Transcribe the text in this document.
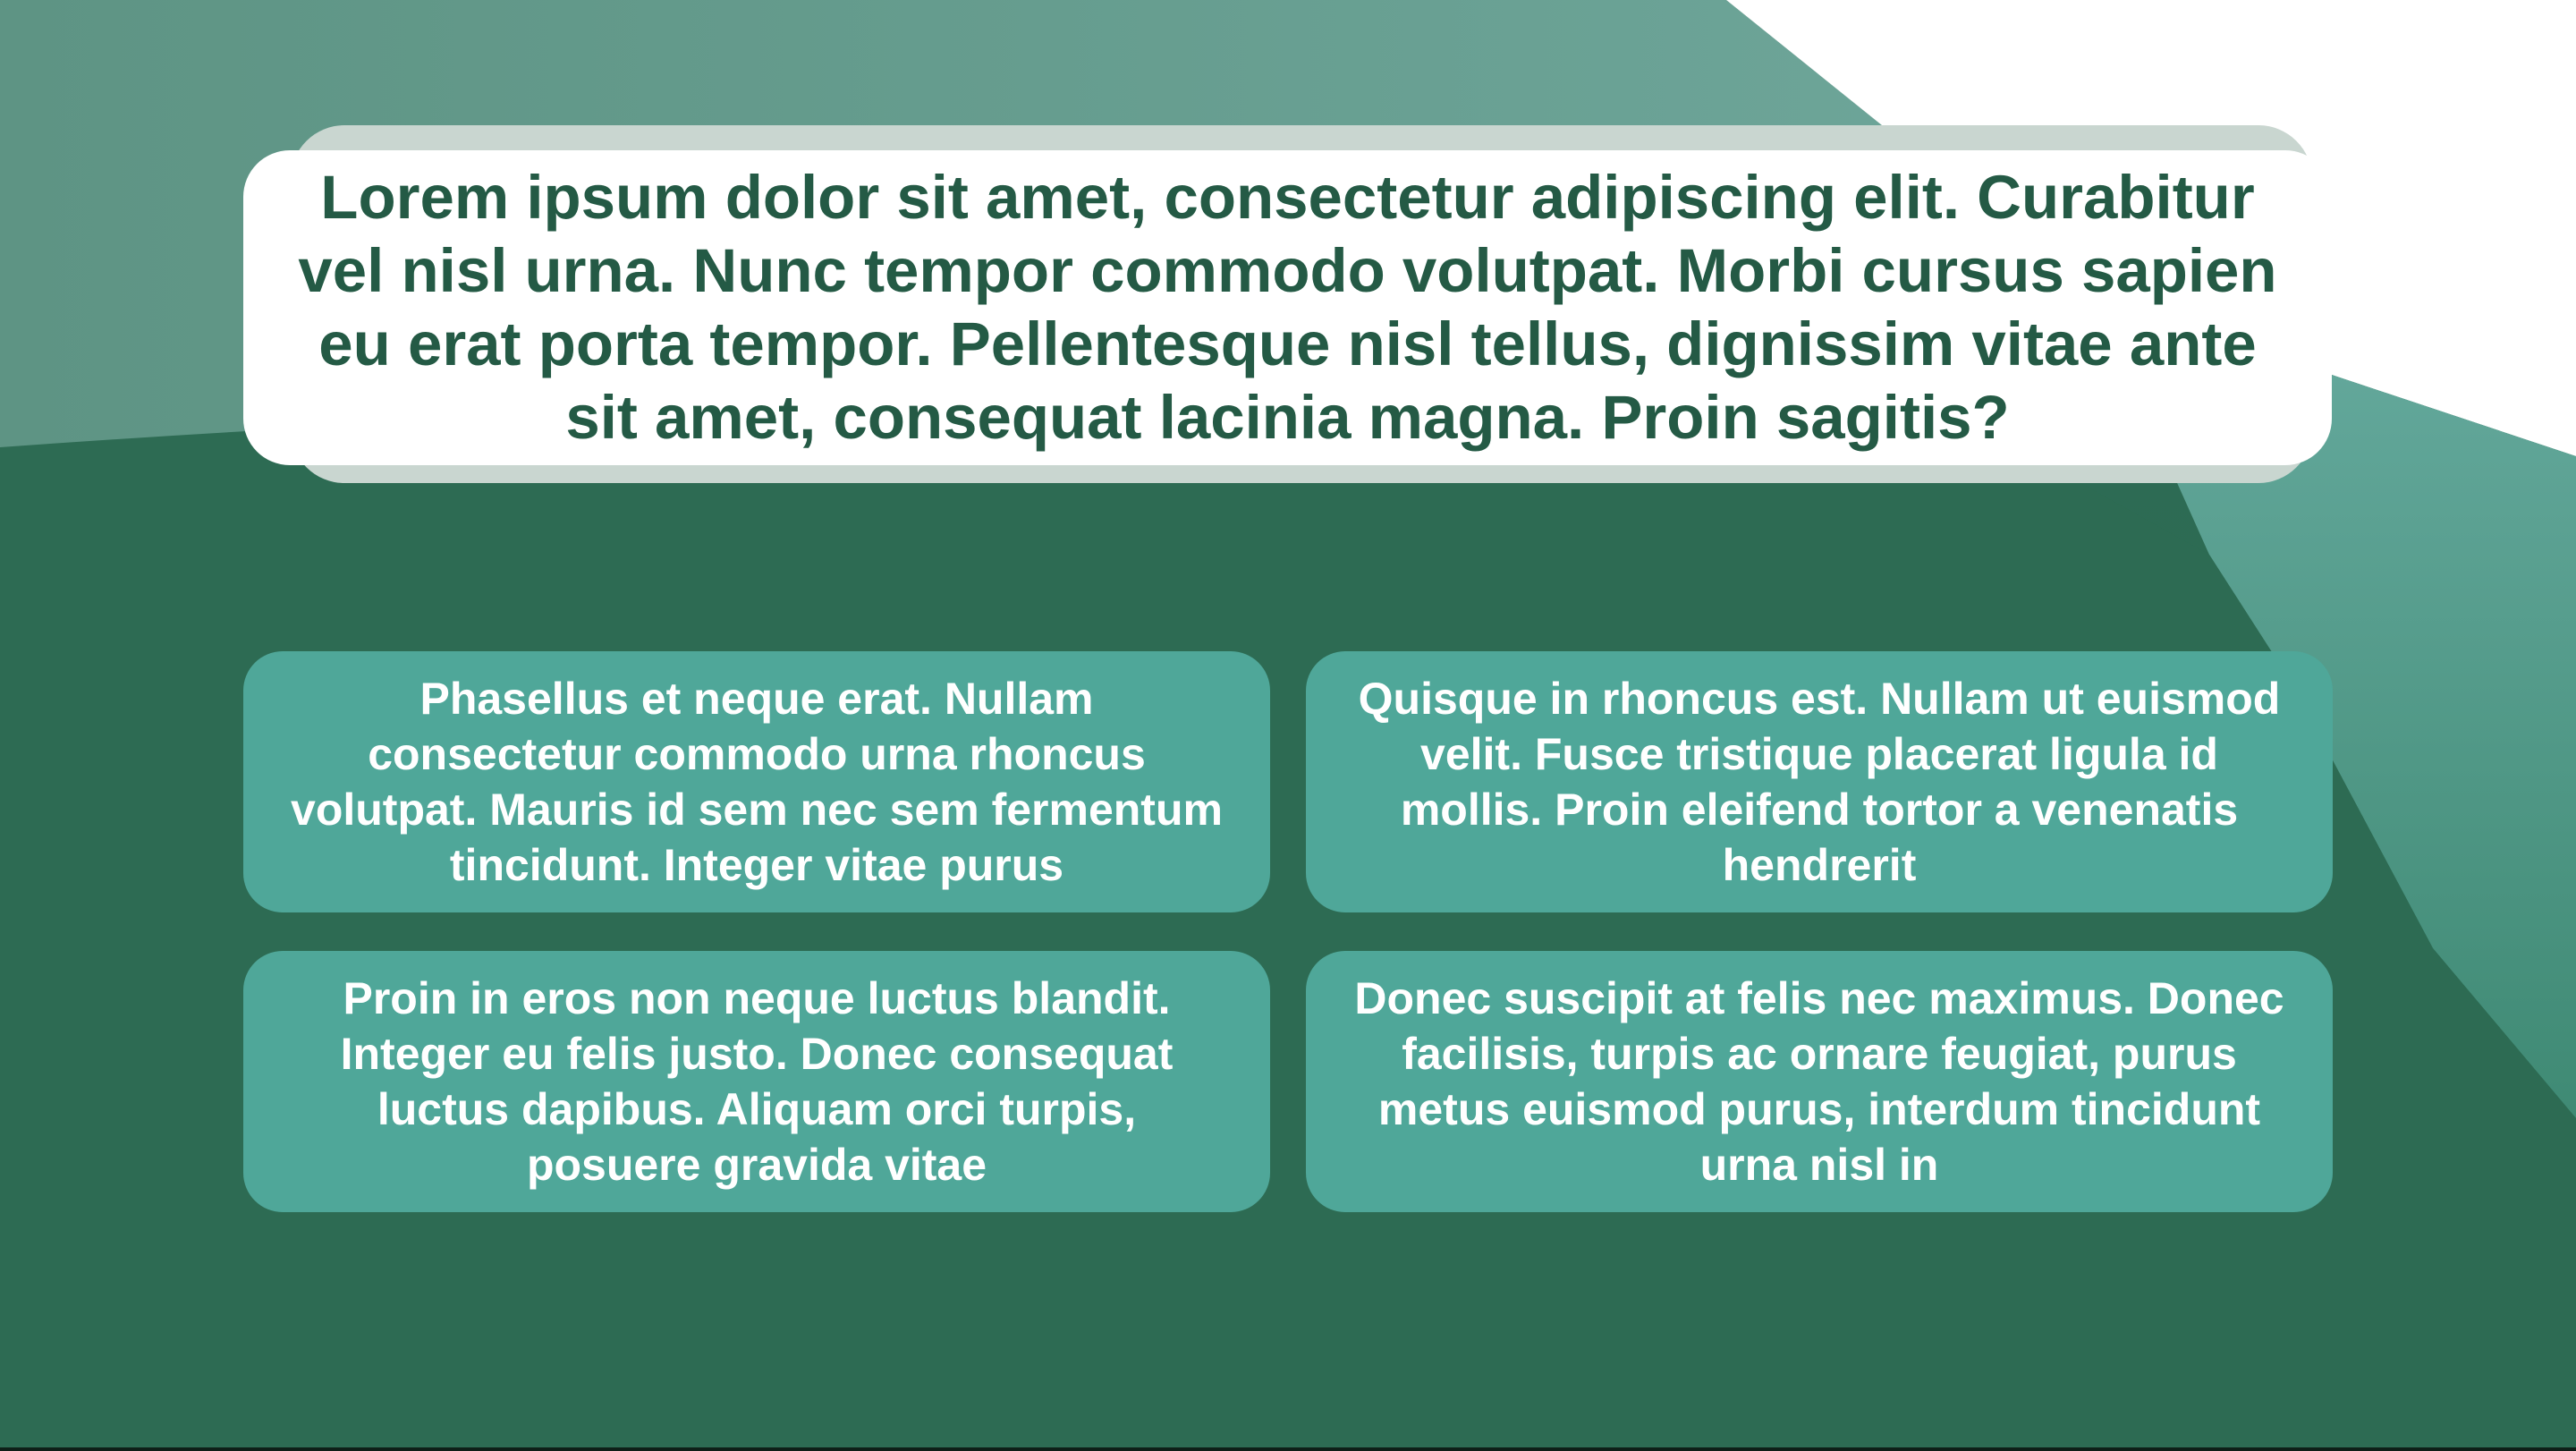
Lorem ipsum dolor sit amet, consectetur adipiscing elit. Curabitur vel nisl urna. Nunc tempor commodo volutpat. Morbi cursus sapien eu erat porta tempor. Pellentesque nisl tellus, dignissim vitae ante sit amet, consequat lacinia magna. Proin sagitis?

Phasellus et neque erat. Nullam consectetur commodo urna rhoncus volutpat. Mauris id sem nec sem fermentum tincidunt. Integer vitae purus

Quisque in rhoncus est. Nullam ut euismod velit. Fusce tristique placerat ligula id mollis. Proin eleifend tortor a venenatis hendrerit

Proin in eros non neque luctus blandit. Integer eu felis justo. Donec consequat luctus dapibus. Aliquam orci turpis, posuere gravida vitae

Donec suscipit at felis nec maximus. Donec facilisis, turpis ac ornare feugiat, purus metus euismod purus, interdum tincidunt urna nisl in
